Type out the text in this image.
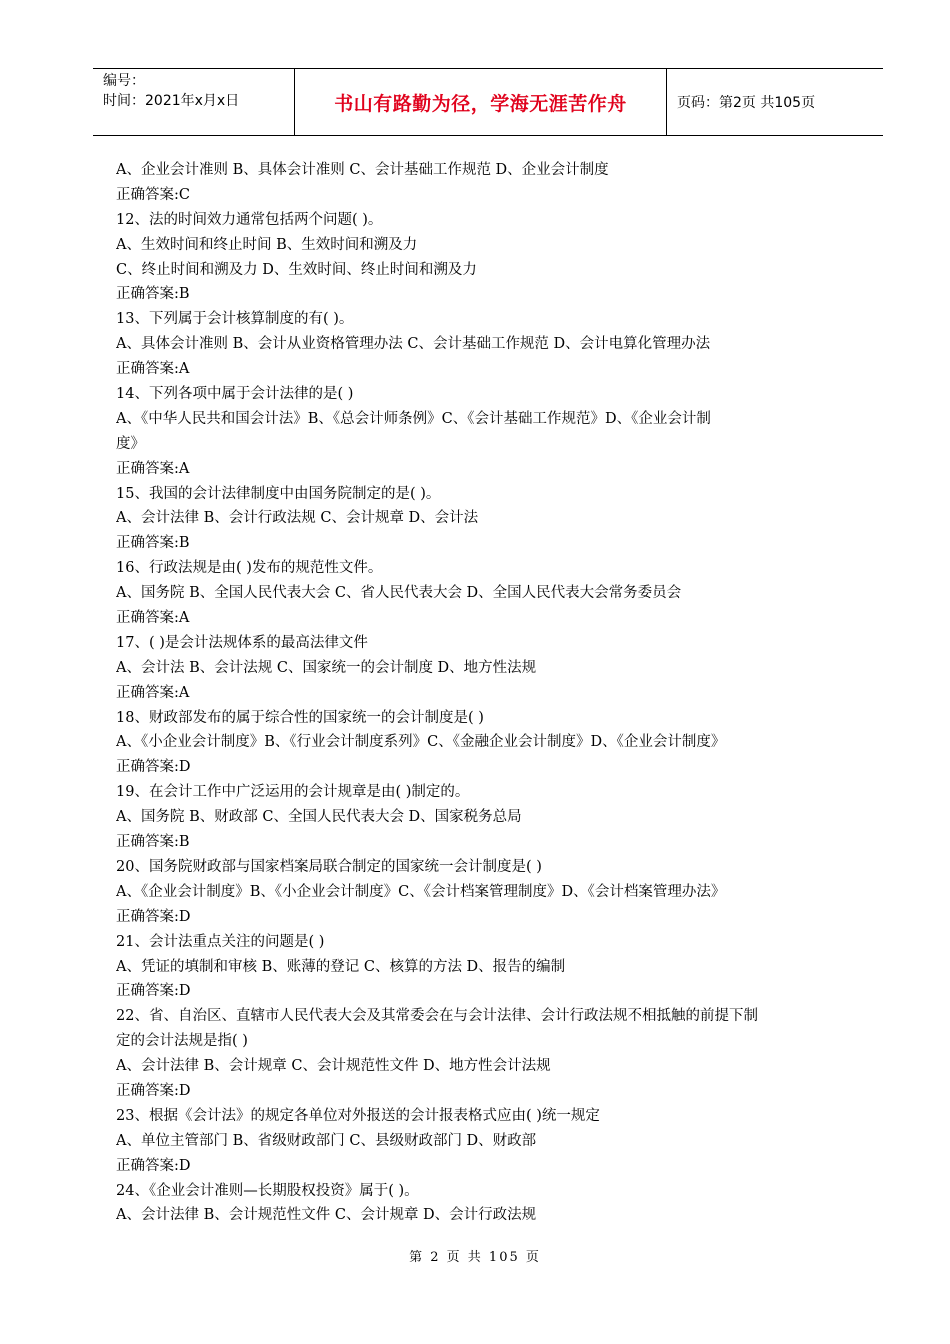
编号：
时间：2021年x月x日	书山有路勤为径，学海无涯苦作舟	页码：第2页 共105页
A、企业会计准则 B、具体会计准则 C、会计基础工作规范 D、企业会计制度
正确答案:C
12、法的时间效力通常包括两个问题( )。
A、生效时间和终止时间 B、生效时间和溯及力
C、终止时间和溯及力 D、生效时间、终止时间和溯及力
正确答案:B
13、下列属于会计核算制度的有( )。
A、具体会计准则 B、会计从业资格管理办法 C、会计基础工作规范 D、会计电算化管理办法
正确答案:A
14、下列各项中属于会计法律的是( )
A、《中华人民共和国会计法》B、《总会计师条例》C、《会计基础工作规范》D、《企业会计制
度》
正确答案:A
15、我国的会计法律制度中由国务院制定的是( )。
A、会计法律 B、会计行政法规 C、会计规章 D、会计法
正确答案:B
16、行政法规是由( )发布的规范性文件。
A、国务院 B、全国人民代表大会 C、省人民代表大会 D、全国人民代表大会常务委员会
正确答案:A
17、( )是会计法规体系的最高法律文件
A、会计法 B、会计法规 C、国家统一的会计制度 D、地方性法规
正确答案:A
18、财政部发布的属于综合性的国家统一的会计制度是( )
A、《小企业会计制度》B、《行业会计制度系列》C、《金融企业会计制度》D、《企业会计制度》
正确答案:D
19、在会计工作中广泛运用的会计规章是由( )制定的。
A、国务院 B、财政部 C、全国人民代表大会 D、国家税务总局
正确答案:B
20、国务院财政部与国家档案局联合制定的国家统一会计制度是( )
A、《企业会计制度》B、《小企业会计制度》C、《会计档案管理制度》D、《会计档案管理办法》
正确答案:D
21、会计法重点关注的问题是( )
A、凭证的填制和审核 B、账薄的登记 C、核算的方法 D、报告的编制
正确答案:D
22、省、自治区、直辖市人民代表大会及其常委会在与会计法律、会计行政法规不相抵触的前提下制
定的会计法规是指( )
A、会计法律 B、会计规章 C、会计规范性文件 D、地方性会计法规
正确答案:D
23、根据《会计法》的规定各单位对外报送的会计报表格式应由( )统一规定
A、单位主管部门 B、省级财政部门 C、县级财政部门 D、财政部
正确答案:D
24、《企业会计准则—长期股权投资》属于( )。
A、会计法律 B、会计规范性文件 C、会计规章 D、会计行政法规
第 2 页 共 105 页
